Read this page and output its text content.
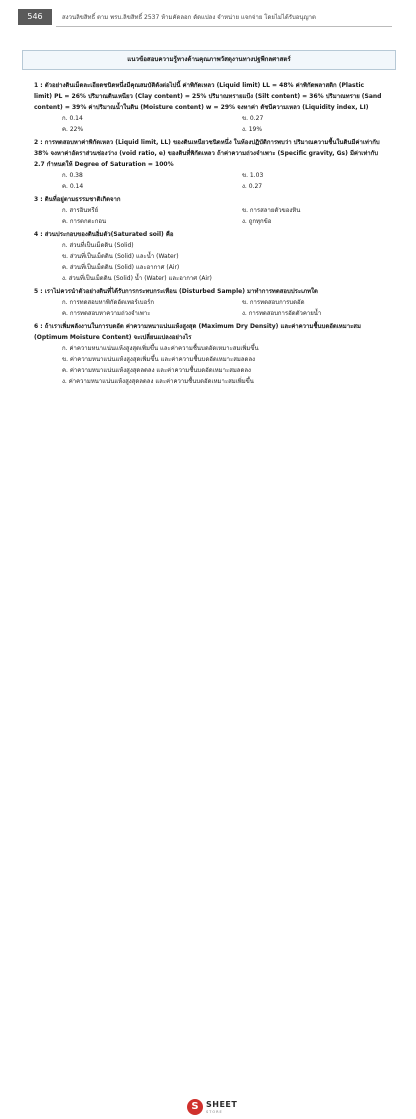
546	สงวนลิขสิทธิ์ ตาม พรบ.ลิขสิทธิ์ 2537 ห้ามคัดลอก ดัดแปลง จำหน่าย แจกจ่าย โดยไม่ได้รับอนุญาต
แนวข้อสอบความรู้ทางด้านคุณภาพวัสดุงานทางปฐพีกลศาสตร์
1 : ตัวอย่างดินเม็ดละเอียดชนิดหนึ่งมีคุณสมบัติดังต่อไปนี้ ค่าพิกัดเหลว (Liquid limit) LL = 48% ค่าพิกัดพลาสติก (Plastic limit) PL = 26% ปริมาณดินเหนียว (Clay content) = 25% ปริมาณทรายแป้ง (Silt content) = 36% ปริมาณทราย (Sand content) = 39% ค่าปริมาณน้ำในดิน (Moisture content) w = 29% จงหาค่า ดัชนีความเหลว (Liquidity index, LI)
ก. 0.14	ข. 0.27
ค. 22%	ง. 19%
2 : การทดสอบหาค่าพิกัดเหลว (Liquid limit, LL) ของดินเหนียวชนิดหนึ่ง ในห้องปฏิบัติการพบว่า ปริมาณความชื้นในดินมีค่าเท่ากับ 38% จงหาค่าอัตราส่วนช่องว่าง (void ratio, e) ของดินที่พิกัดเหลว ถ้าค่าความถ่วงจำเพาะ (Specific gravity, Gs) มีค่าเท่ากับ 2.7 กำหนดให้ Degree of Saturation = 100%
ก. 0.38	ข. 1.03
ค. 0.14	ง. 0.27
3 : ดินที่อยู่ตามธรรมชาติเกิดจาก
ก. สารอินทรีย์	ข. การสลายตัวของหิน
ค. การตกตะกอน	ง. ถูกทุกข้อ
4 : ส่วนประกอบของดินอิ่มตัว(Saturated soil) คือ
ก. ส่วนที่เป็นเม็ดดิน (Solid)
ข. ส่วนที่เป็นเม็ดดิน (Solid) และน้ำ (Water)
ค. ส่วนที่เป็นเม็ดดิน (Solid) และอากาศ (Air)
ง. ส่วนที่เป็นเม็ดดิน (Solid) น้ำ (Water) และอากาศ (Air)
5 : เราไม่ควรนำตัวอย่างดินที่ได้รับการกระทบกระเทือน (Disturbed Sample) มาทำการทดสอบประเภทใด
ก. การทดสอบหาพิกัดอัตเทอร์เบอร์ก	ข. การทดสอบการบดอัด
ค. การทดสอบหาความถ่วงจำเพาะ	ง. การทดสอบการอัดตัวคายน้ำ
6 : ถ้าเราเพิ่มพลังงานในการบดอัด ค่าความหนาแน่นแห้งสูงสุด (Maximum Dry Density) และค่าความชื้นบดอัดเหมาะสม (Optimum Moisture Content) จะเปลี่ยนแปลงอย่างไร
ก. ค่าความหนาแน่นแห้งสูงสุดเพิ่มขึ้น และค่าความชื้นบดอัดเหมาะสมเพิ่มขึ้น
ข. ค่าความหนาแน่นแห้งสูงสุดเพิ่มขึ้น และค่าความชื้นบดอัดเหมาะสมลดลง
ค. ค่าความหนาแน่นแห้งสูงสุดลดลง และค่าความชื้นบดอัดเหมาะสมลดลง
ง. ค่าความหนาแน่นแห้งสูงสุดลดลง และค่าความชื้นบดอัดเหมาะสมเพิ่มขึ้น
S SHEET
STORE
